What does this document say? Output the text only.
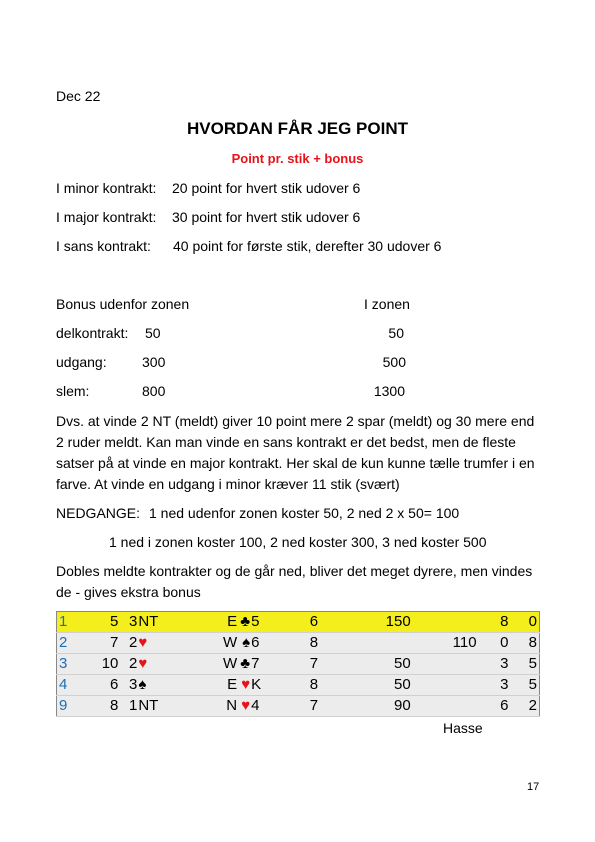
Dec 22
HVORDAN FÅR JEG POINT
Point pr. stik + bonus
I minor kontrakt: 20 point for hvert stik udover 6
I major kontrakt: 30 point for hvert stik udover 6
I sans kontrakt: 40 point for første stik, derefter 30 udover 6
Bonus udenfor zonen	I zonen
delkontrakt: 50	50
udgang:	300	500
slem:	800	1300
Dvs. at vinde 2 NT (meldt) giver 10 point mere 2 spar (meldt) og 30 mere end 2 ruder meldt. Kan man vinde en sans kontrakt er det bedst, men de fleste satser på at vinde en major kontrakt. Her skal de kun kunne tælle trumfer i en farve. At vinde en udgang i minor kræver 11 stik (svært)
NEDGANGE: 1 ned udenfor zonen koster 50, 2 ned 2 x 50= 100
1 ned i zonen koster 100, 2 ned koster 300, 3 ned koster 500
Dobles meldte kontrakter og de går ned, bliver det meget dyrere, men vindes de - gives ekstra bonus
1	5	3	NT	E	♣	5	6	150		8	0
2	7	2	♥	W	♠	6	8		110	0	8
3	10	2	♥	W	♣	7	7	50		3	5
4	6	3	♠	E	♥	K	8	50		3	5
9	8	1	NT	N	♥	4	7	90		6	2
Hasse
17
